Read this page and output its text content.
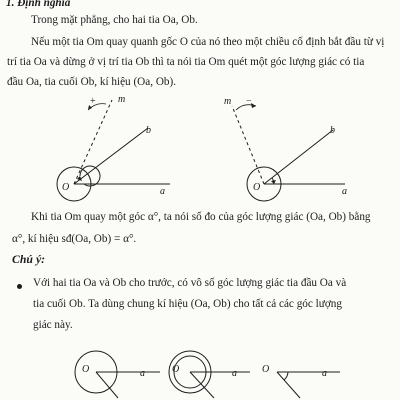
1. Định nghĩa
Trong mặt phẳng, cho hai tia Oa, Ob.
Nếu một tia Om quay quanh gốc O của nó theo một chiều cố định bắt đầu từ vị
trí tia Oa và dừng ở vị trí tia Ob thì ta nói tia Om quét một góc lượng giác có tia
đầu Oa, tia cuối Ob, kí hiệu (Oa, Ob).
+ m
b
a
O
m −
b
a
O
Khi tia Om quay một góc α°, ta nói số đo của góc lượng giác (Oa, Ob) bằng
α°, kí hiệu sđ(Oa, Ob) = α°.
Chú ý:
Với hai tia Oa và Ob cho trước, có vô số góc lượng giác tia đầu Oa và
tia cuối Ob. Ta dùng chung kí hiệu (Oa, Ob) cho tất cả các góc lượng
giác này.
O	a	O	a	O	a
